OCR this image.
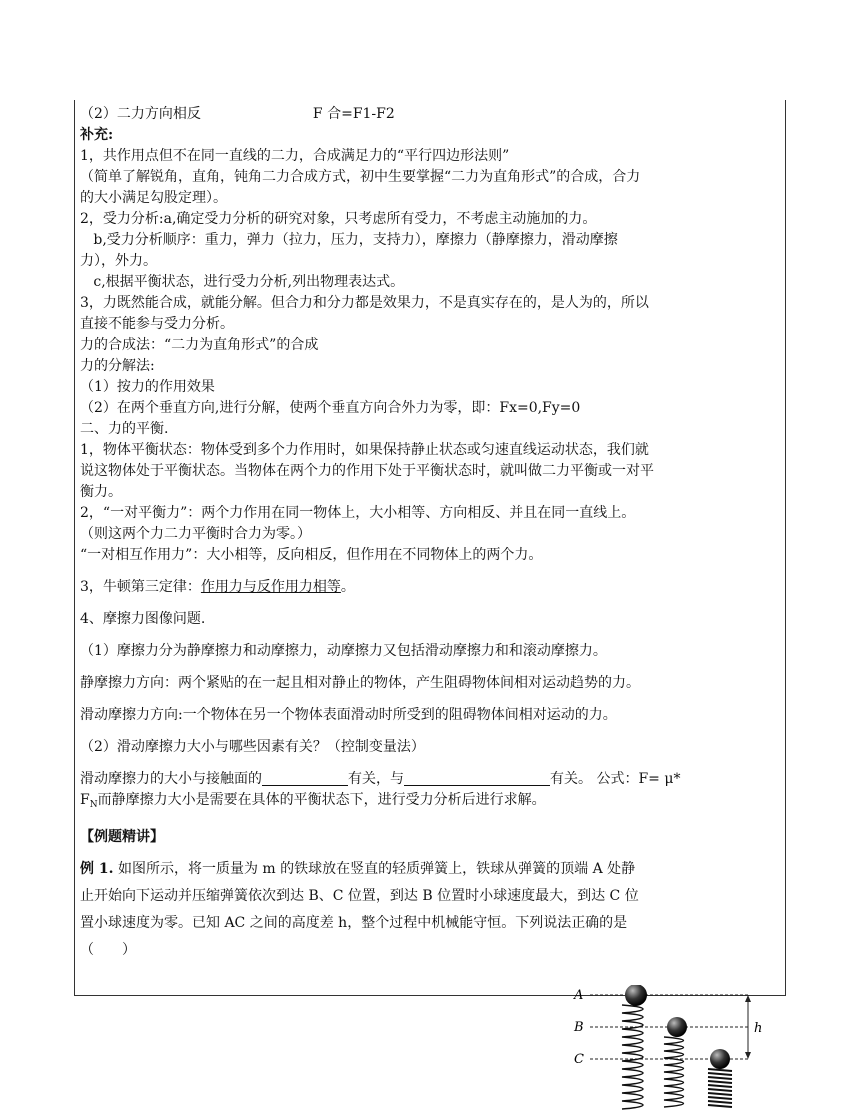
（2）二力方向相反	F 合=F1-F2
补充:
1，共作用点但不在同一直线的二力，合成满足力的“平行四边形法则”
（简单了解锐角，直角，钝角二力合成方式，初中生要掌握“二力为直角形式”的合成，合力
的大小满足勾股定理）。
2，受力分析:a,确定受力分析的研究对象，只考虑所有受力，不考虑主动施加的力。
b,受力分析顺序：重力，弹力（拉力，压力，支持力），摩擦力（静摩擦力，滑动摩擦
力），外力。
c,根据平衡状态，进行受力分析,列出物理表达式。
3，力既然能合成，就能分解。但合力和分力都是效果力，不是真实存在的，是人为的，所以
直接不能参与受力分析。
力的合成法：“二力为直角形式”的合成
力的分解法:
（1）按力的作用效果
（2）在两个垂直方向,进行分解，使两个垂直方向合外力为零，即：Fx=0,Fy=0
二、力的平衡.
1，物体平衡状态：物体受到多个力作用时，如果保持静止状态或匀速直线运动状态，我们就
说这物体处于平衡状态。当物体在两个力的作用下处于平衡状态时，就叫做二力平衡或一对平
衡力。
2，“一对平衡力”：两个力作用在同一物体上，大小相等、方向相反、并且在同一直线上。
（则这两个力二力平衡时合力为零。）
“一对相互作用力”：大小相等，反向相反，但作用在不同物体上的两个力。
3，牛顿第三定律：作用力与反作用力相等。
4、摩擦力图像问题.
（1）摩擦力分为静摩擦力和动摩擦力，动摩擦力又包括滑动摩擦力和和滚动摩擦力。
静摩擦力方向：两个紧贴的在一起且相对静止的物体，产生阻碍物体间相对运动趋势的力。
滑动摩擦力方向:一个物体在另一个物体表面滑动时所受到的阻碍物体间相对运动的力。
（2）滑动摩擦力大小与哪些因素有关？（控制变量法）
滑动摩擦力的大小与接触面的	有关，与	有关。 公式：F= μ*
$F_N$而静摩擦力大小是需要在具体的平衡状态下，进行受力分析后进行求解。
【例题精讲】
例 1. 如图所示，将一质量为 m 的铁球放在竖直的轻质弹簧上，铁球从弹簧的顶端 A 处静
止开始向下运动并压缩弹簧依次到达 B、C 位置，到达 B 位置时小球速度最大，到达 C 位
置小球速度为零。已知 AC 之间的高度差 h，整个过程中机械能守恒。下列说法正确的是
（　　）
A
B
C
h
